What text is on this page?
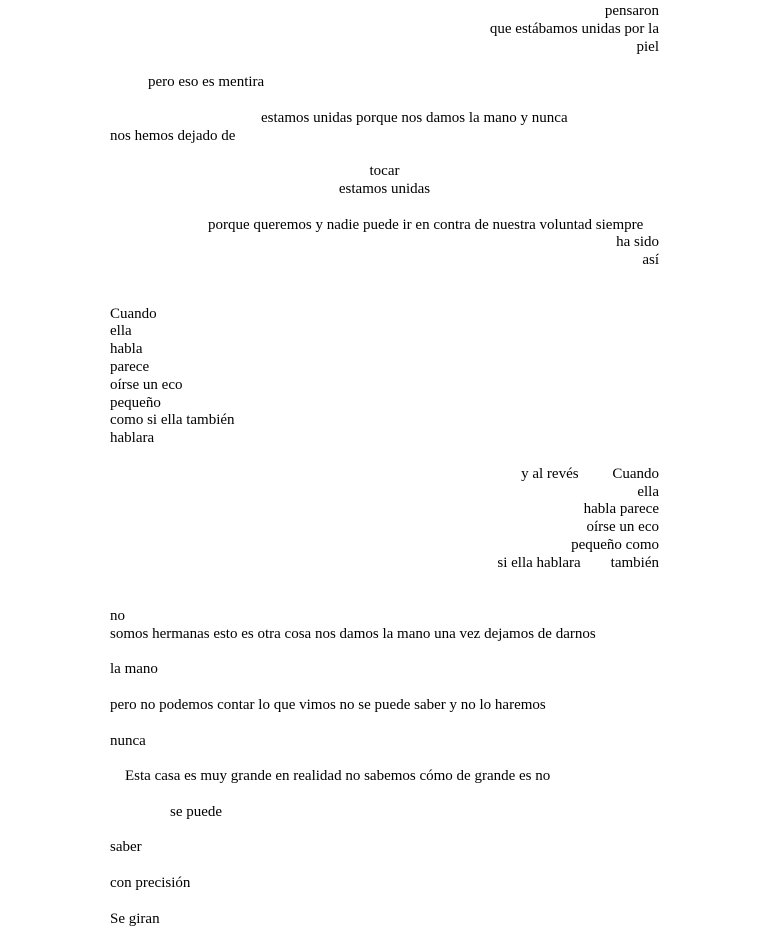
pensaron
que estábamos unidas por la
piel
pero eso es mentira
estamos unidas porque nos damos la mano y nunca
nos hemos dejado de
tocar
estamos unidas
porque queremos y nadie puede ir en contra de nuestra voluntad siempre
ha sido
así
Cuando
ella
habla
parece
oírse un eco
pequeño
como si ella también
hablara
y al revés         Cuando
ella
habla parece
oírse un eco
pequeño como
si ella hablara        también
no
somos hermanas esto es otra cosa nos damos la mano una vez dejamos de darnos
la mano
pero no podemos contar lo que vimos no se puede saber y no lo haremos
nunca
Esta casa es muy grande en realidad no sabemos cómo de grande es no
se puede
saber
con precisión
Se giran
